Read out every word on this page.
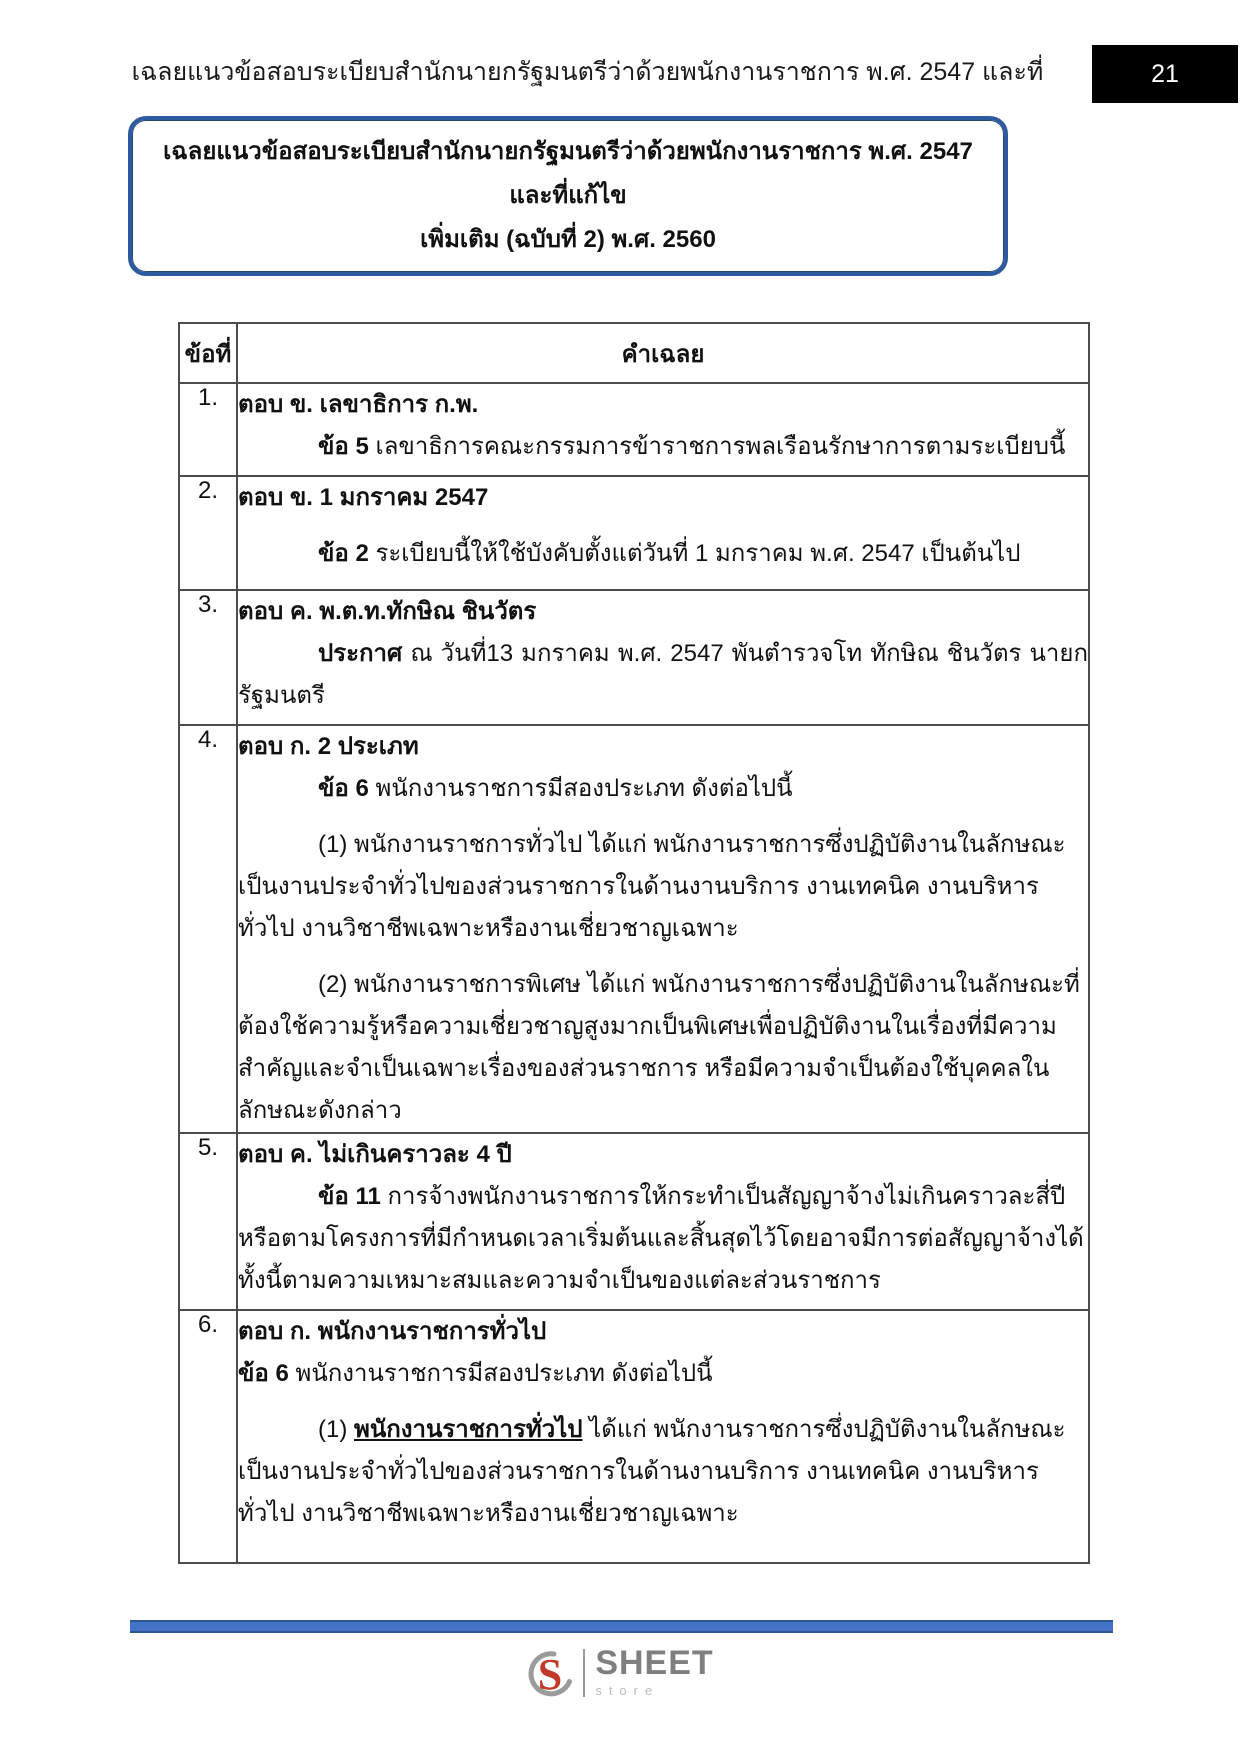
เฉลยแนวข้อสอบระเบียบสำนักนายกรัฐมนตรีว่าด้วยพนักงานราชการ พ.ศ. 2547 และที่	21
เฉลยแนวข้อสอบระเบียบสำนักนายกรัฐมนตรีว่าด้วยพนักงานราชการ พ.ศ. 2547 และที่แก้ไข
เพิ่มเติม (ฉบับที่ 2) พ.ศ. 2560
ข้อที่	คำเฉลย
1.	ตอบ ข. เลขาธิการ ก.พ.
ข้อ 5 เลขาธิการคณะกรรมการข้าราชการพลเรือนรักษาการตามระเบียบนี้

2.	ตอบ ข. 1 มกราคม 2547
ข้อ 2 ระเบียบนี้ให้ใช้บังคับตั้งแต่วันที่ 1 มกราคม พ.ศ. 2547 เป็นต้นไป

3.	ตอบ ค. พ.ต.ท.ทักษิณ ชินวัตร
ประกาศ ณ วันที่13 มกราคม พ.ศ. 2547 พันตำรวจโท ทักษิณ ชินวัตร นายกรัฐมนตรี

4.	ตอบ ก. 2 ประเภท
ข้อ 6 พนักงานราชการมีสองประเภท ดังต่อไปนี้
(1) พนักงานราชการทั่วไป ได้แก่ พนักงานราชการซึ่งปฏิบัติงานในลักษณะเป็นงานประจำทั่วไปของส่วนราชการในด้านงานบริการ งานเทคนิค งานบริหารทั่วไป งานวิชาชีพเฉพาะหรืองานเชี่ยวชาญเฉพาะ
(2) พนักงานราชการพิเศษ ได้แก่ พนักงานราชการซึ่งปฏิบัติงานในลักษณะที่ต้องใช้ความรู้หรือความเชี่ยวชาญสูงมากเป็นพิเศษเพื่อปฏิบัติงานในเรื่องที่มีความสำคัญและจำเป็นเฉพาะเรื่องของส่วนราชการ หรือมีความจำเป็นต้องใช้บุคคลในลักษณะดังกล่าว

5.	ตอบ ค. ไม่เกินคราวละ 4 ปี
ข้อ 11 การจ้างพนักงานราชการให้กระทำเป็นสัญญาจ้างไม่เกินคราวละสี่ปีหรือตามโครงการที่มีกำหนดเวลาเริ่มต้นและสิ้นสุดไว้โดยอาจมีการต่อสัญญาจ้างได้ ทั้งนี้ตามความเหมาะสมและความจำเป็นของแต่ละส่วนราชการ

6.	ตอบ ก. พนักงานราชการทั่วไป
ข้อ 6 พนักงานราชการมีสองประเภท ดังต่อไปนี้
(1) พนักงานราชการทั่วไป ได้แก่ พนักงานราชการซึ่งปฏิบัติงานในลักษณะเป็นงานประจำทั่วไปของส่วนราชการในด้านงานบริการ งานเทคนิค งานบริหารทั่วไป งานวิชาชีพเฉพาะหรืองานเชี่ยวชาญเฉพาะ
S SHEET
store
